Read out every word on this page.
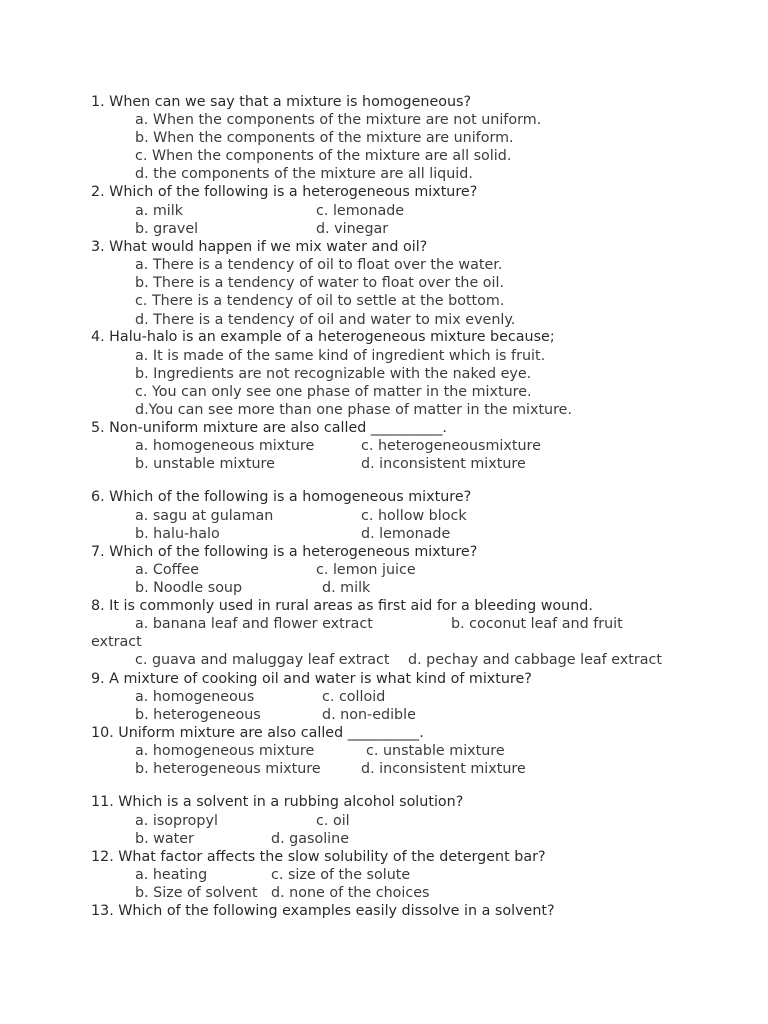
1. When can we say that a mixture is homogeneous?
a. When the components of the mixture are not uniform.
b. When the components of the mixture are uniform.
c. When the components of the mixture are all solid.
d. the components of the mixture are all liquid.
2. Which of the following is a heterogeneous mixture?
a. milk	c. lemonade
b. gravel	d. vinegar
3. What would happen if we mix water and oil?
a. There is a tendency of oil to float over the water.
b. There is a tendency of water to float over the oil.
c. There is a tendency of oil to settle at the bottom.
d. There is a tendency of oil and water to mix evenly.
4. Halu-halo is an example of a heterogeneous mixture because;
a. It is made of the same kind of ingredient which is fruit.
b. Ingredients are not recognizable with the naked eye.
c. You can only see one phase of matter in the mixture.
d.You can see more than one phase of matter in the mixture.
5. Non-uniform mixture are also called __________.
a. homogeneous mixture	c. heterogeneousmixture
b. unstable mixture	d. inconsistent mixture
6. Which of the following is a homogeneous mixture?
a. sagu at gulaman	c. hollow block
b. halu-halo	d. lemonade
7. Which of the following is a heterogeneous mixture?
a. Coffee	c. lemon juice
b. Noodle soup	d. milk
8. It is commonly used in rural areas as first aid for a bleeding wound.
a. banana leaf and flower extract	b. coconut leaf and fruit
extract
c. guava and maluggay leaf extract d. pechay and cabbage leaf extract
9. A mixture of cooking oil and water is what kind of mixture?
a. homogeneous	c. colloid
b. heterogeneous	d. non-edible
10. Uniform mixture are also called __________.
a. homogeneous mixture	c. unstable mixture
b. heterogeneous mixture	d. inconsistent mixture
11. Which is a solvent in a rubbing alcohol solution?
a. isopropyl	c. oil
b. water	d. gasoline
12. What factor affects the slow solubility of the detergent bar?
a. heating	c. size of the solute
b. Size of solvent d. none of the choices
13. Which of the following examples easily dissolve in a solvent?
